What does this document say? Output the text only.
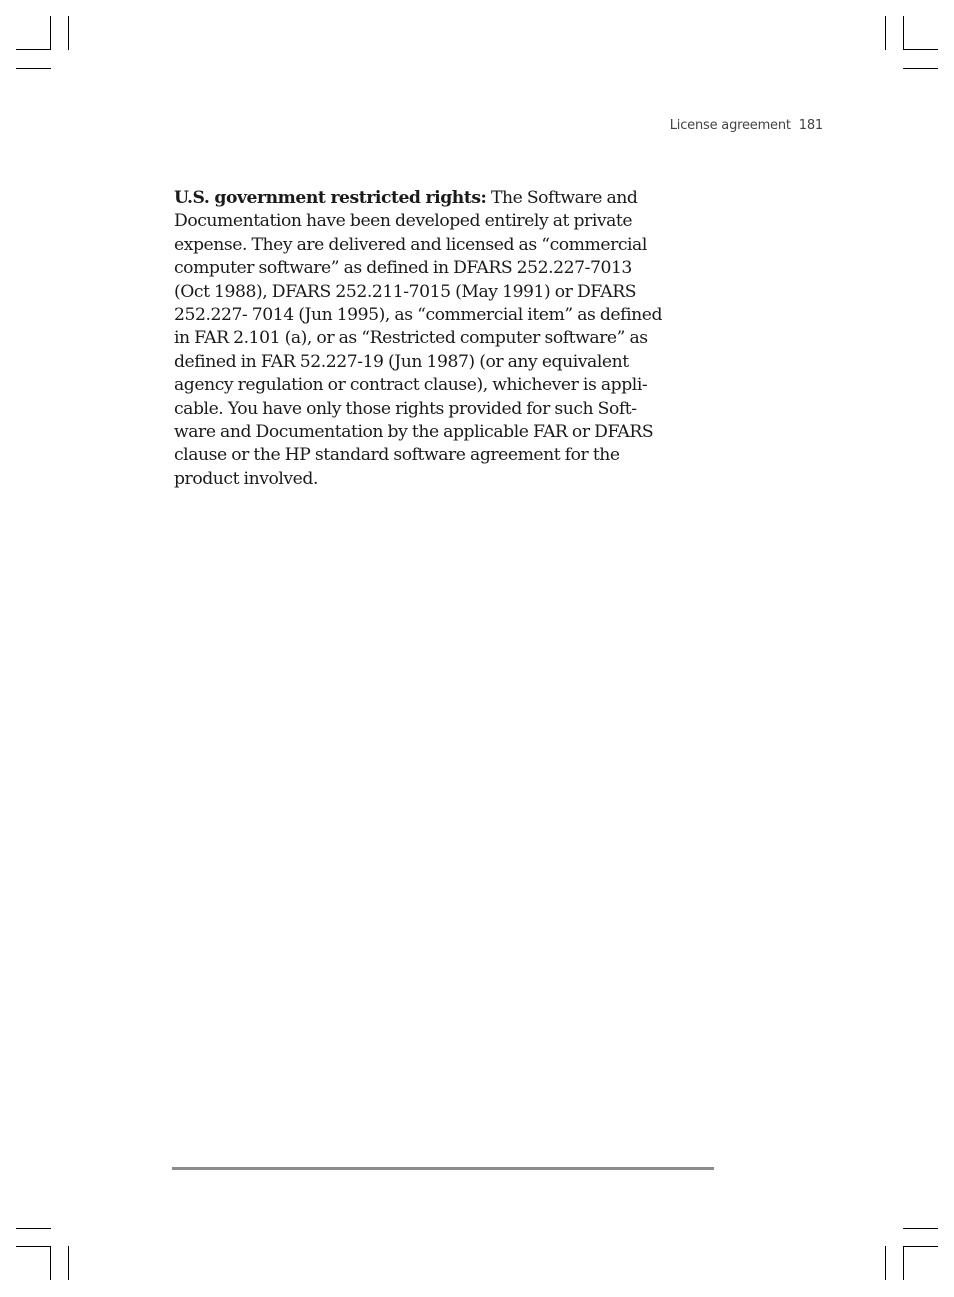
License agreement 181
U.S. government restricted rights: The Software and
Documentation have been developed entirely at private
expense. They are delivered and licensed as “commercial
computer software” as defined in DFARS 252.227-7013
(Oct 1988), DFARS 252.211-7015 (May 1991) or DFARS
252.227- 7014 (Jun 1995), as “commercial item” as defined
in FAR 2.101 (a), or as “Restricted computer software” as
defined in FAR 52.227-19 (Jun 1987) (or any equivalent
agency regulation or contract clause), whichever is appli-
cable. You have only those rights provided for such Soft-
ware and Documentation by the applicable FAR or DFARS
clause or the HP standard software agreement for the
product involved.
